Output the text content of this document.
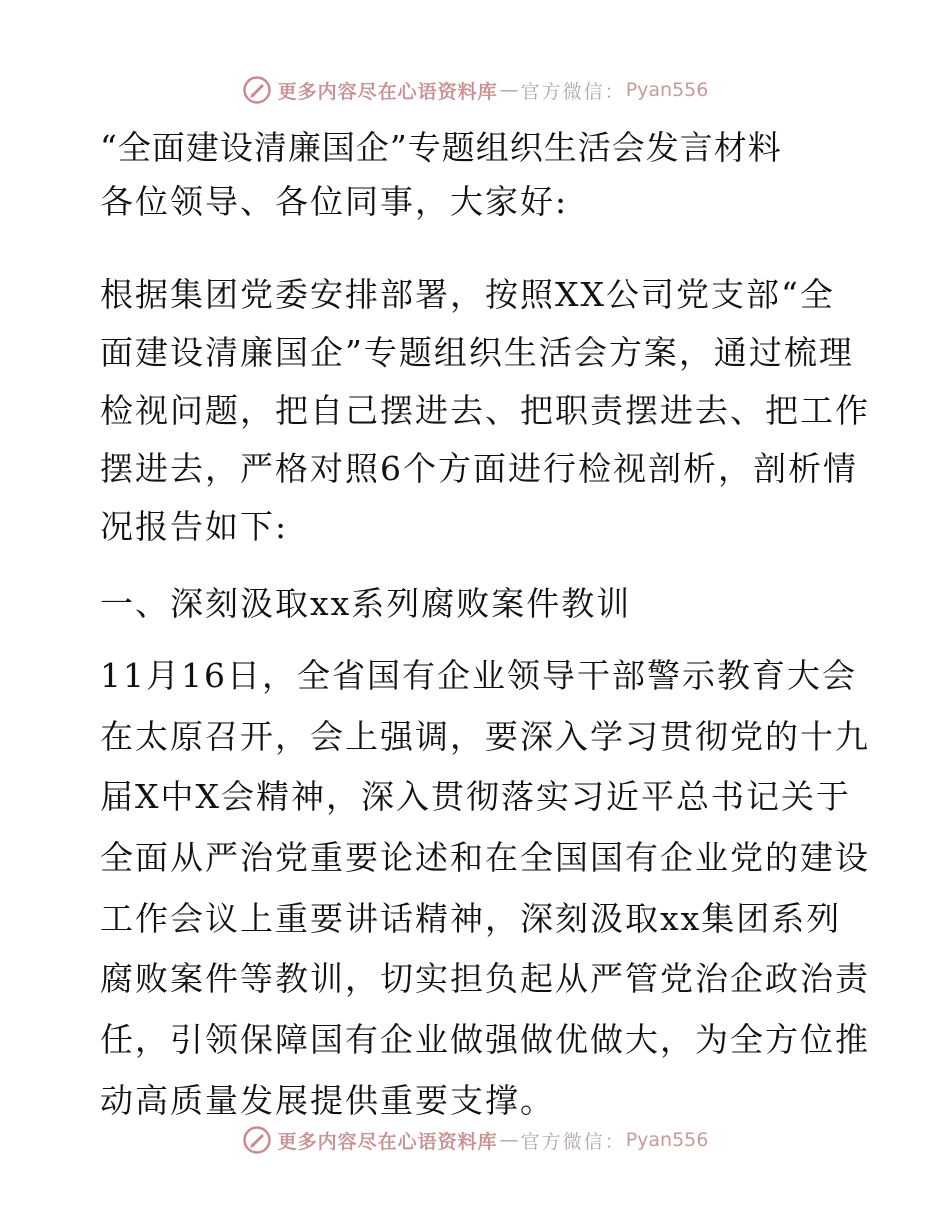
更多内容尽在心语资料库 — 官方微信： Pyan556
“全面建设清廉国企”专题组织生活会发言材料
各位领导、各位同事，大家好:
根据集团党委安排部署，按照XX公司党支部“全
面建设清廉国企”专题组织生活会方案，通过梳理
检视问题，把自己摆进去、把职责摆进去、把工作
摆进去，严格对照6个方面进行检视剖析，剖析情
况报告如下:
一、深刻汲取xx系列腐败案件教训
11月16日，全省国有企业领导干部警示教育大会
在太原召开，会上强调，要深入学习贯彻党的十九
届X中X会精神，深入贯彻落实习近平总书记关于
全面从严治党重要论述和在全国国有企业党的建设
工作会议上重要讲话精神，深刻汲取xx集团系列
腐败案件等教训，切实担负起从严管党治企政治责
任，引领保障国有企业做强做优做大，为全方位推
动高质量发展提供重要支撑。
更多内容尽在心语资料库 — 官方微信： Pyan556
